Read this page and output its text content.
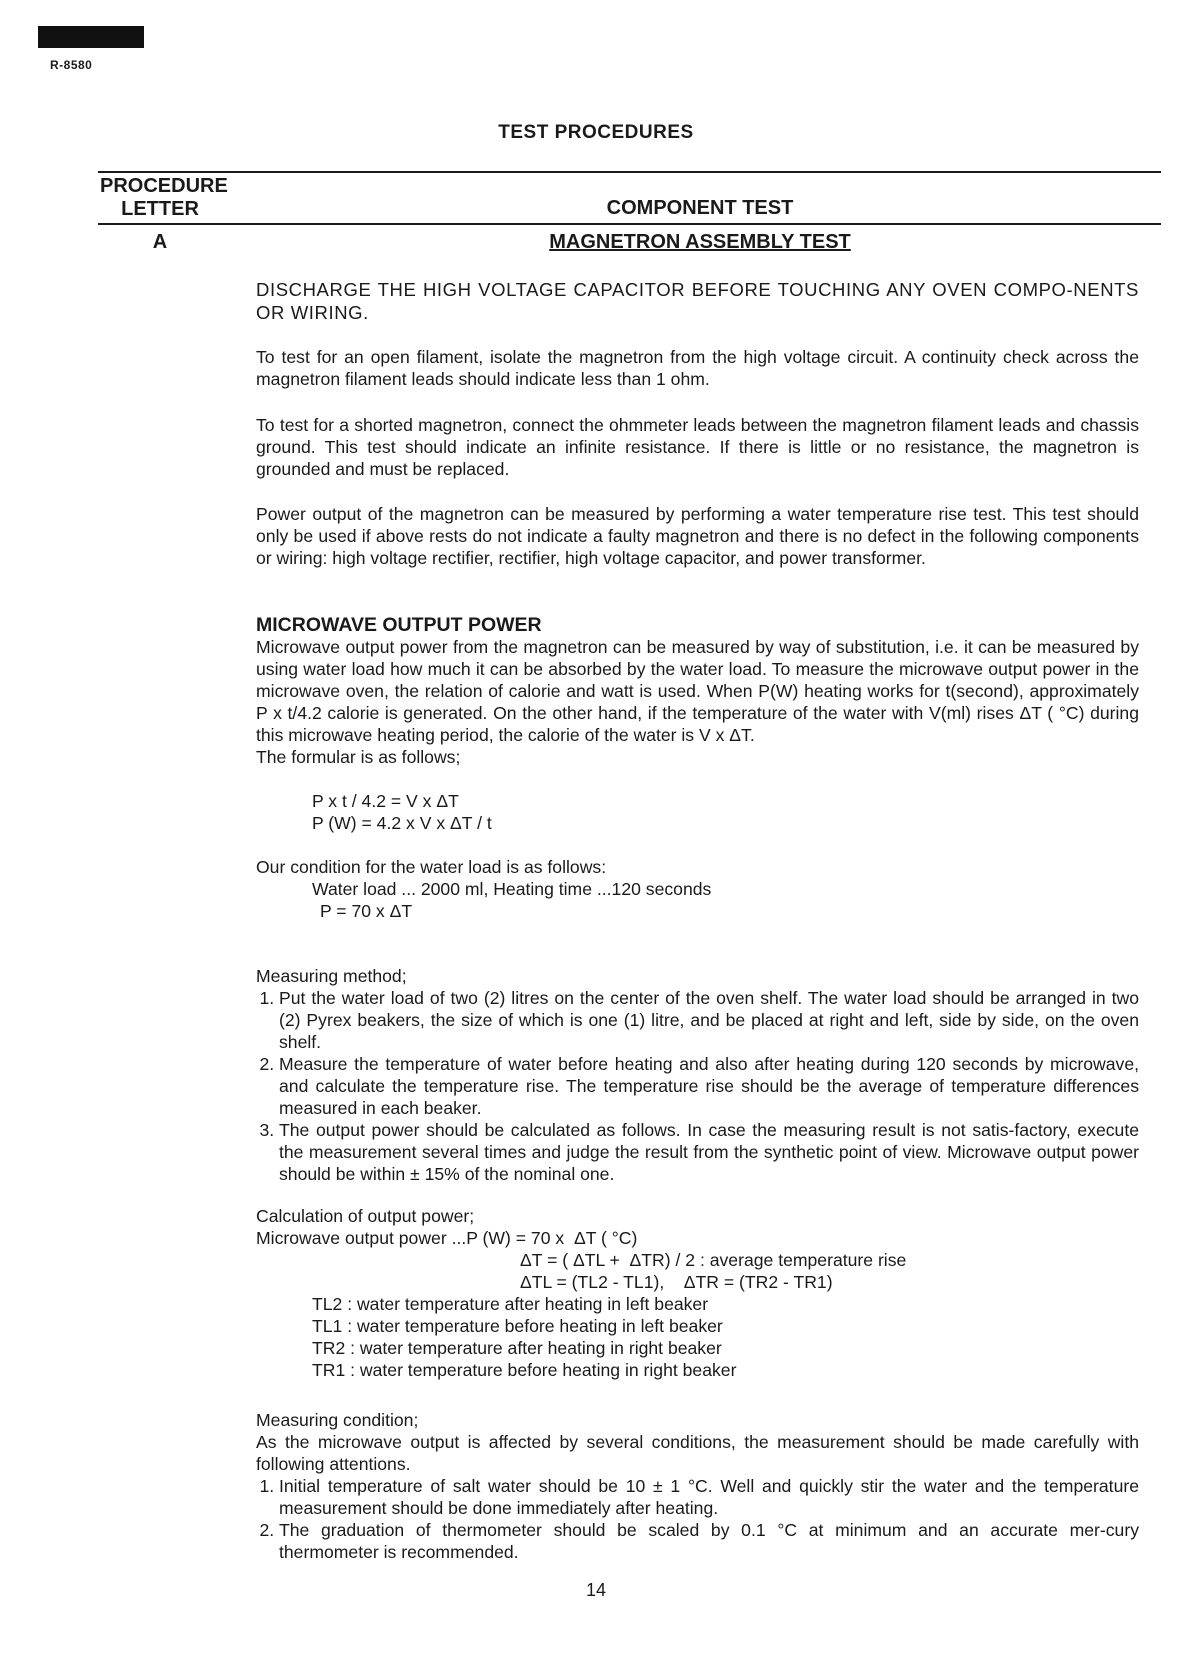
R-8580
TEST PROCEDURES
PROCEDURE
LETTER	COMPONENT TEST
A	MAGNETRON ASSEMBLY TEST
DISCHARGE THE HIGH VOLTAGE CAPACITOR BEFORE TOUCHING ANY OVEN COMPO-NENTS OR WIRING.
To test for an open filament, isolate the magnetron from the high voltage circuit. A continuity check across the magnetron filament leads should indicate less than 1 ohm.
To test for a shorted magnetron, connect the ohmmeter leads between the magnetron filament leads and chassis ground. This test should indicate an infinite resistance. If there is little or no resistance, the magnetron is grounded and must be replaced.
Power output of the magnetron can be measured by performing a water temperature rise test. This test should only be used if above rests do not indicate a faulty magnetron and there is no defect in the following components or wiring: high voltage rectifier, rectifier, high voltage capacitor, and power transformer.
MICROWAVE OUTPUT POWER
Microwave output power from the magnetron can be measured by way of substitution, i.e. it can be measured by using water load how much it can be absorbed by the water load. To measure the microwave output power in the microwave oven, the relation of calorie and watt is used. When P(W) heating works for t(second), approximately P x t/4.2 calorie is generated. On the other hand, if the temperature of the water with V(ml) rises ΔT ( °C) during this microwave heating period, the calorie of the water is V x ΔT.
The formular is as follows;
P x t / 4.2 = V x ΔT
P (W) = 4.2 x V x ΔT / t
Our condition for the water load is as follows:
Water load ... 2000 ml, Heating time ...120 seconds
P = 70 x ΔT
Measuring method;
1. Put the water load of two (2) litres on the center of the oven shelf. The water load should be arranged in two (2) Pyrex beakers, the size of which is one (1) litre, and be placed at right and left, side by side, on the oven shelf.
2. Measure the temperature of water before heating and also after heating during 120 seconds by microwave, and calculate the temperature rise. The temperature rise should be the average of temperature differences measured in each beaker.
3. The output power should be calculated as follows. In case the measuring result is not satis-factory, execute the measurement several times and judge the result from the synthetic point of view. Microwave output power should be within ± 15% of the nominal one.
Calculation of output power;
Microwave output power ...P (W) = 70 x  ΔT ( °C)
ΔT = ( ΔTL +  ΔTR) / 2 : average temperature rise
ΔTL = (TL2 - TL1),    ΔTR = (TR2 - TR1)
TL2 : water temperature after heating in left beaker
TL1 : water temperature before heating in left beaker
TR2 : water temperature after heating in right beaker
TR1 : water temperature before heating in right beaker
Measuring condition;
As the microwave output is affected by several conditions, the measurement should be made carefully with following attentions.
1. Initial temperature of salt water should be 10 ± 1 °C. Well and quickly stir the water and the temperature measurement should be done immediately after heating.
2. The graduation of thermometer should be scaled by 0.1 °C at minimum and an accurate mer-cury thermometer is recommended.
14
